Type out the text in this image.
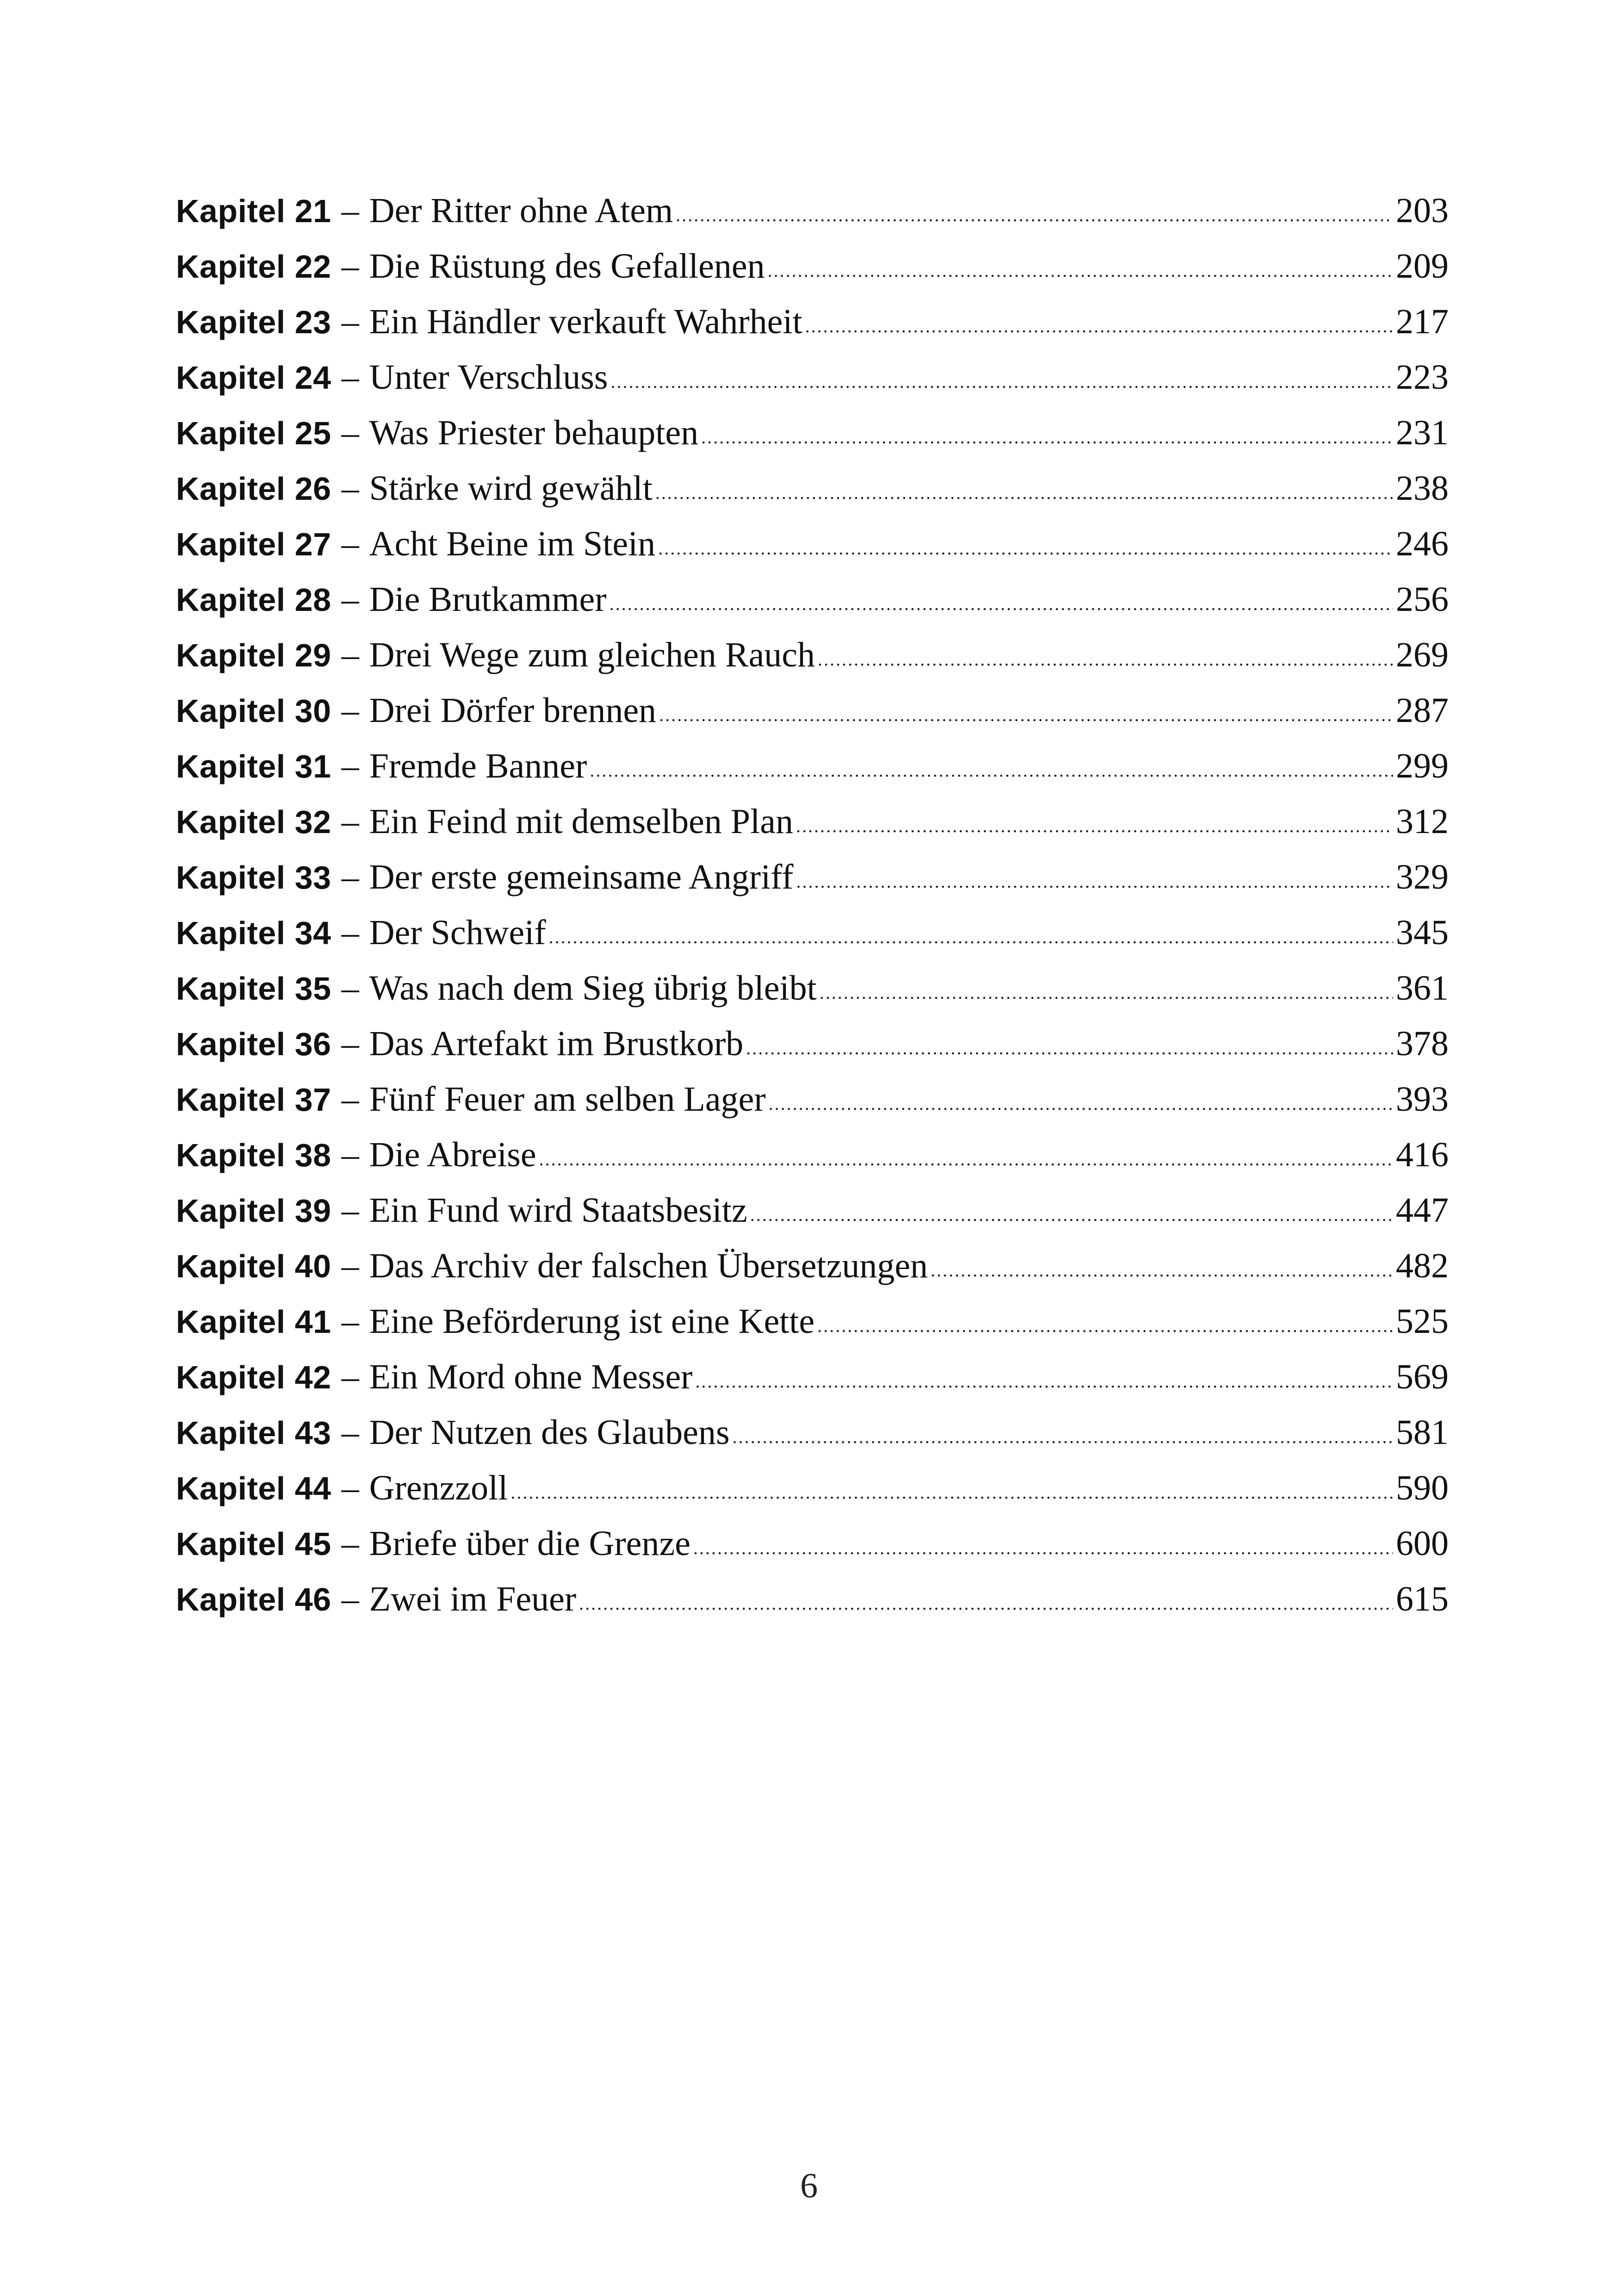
Kapitel 21 – Der Ritter ohne Atem .....	203
Kapitel 22 – Die Rüstung des Gefallenen .....	209
Kapitel 23 – Ein Händler verkauft Wahrheit .....	217
Kapitel 24 – Unter Verschluss .....	223
Kapitel 25 – Was Priester behaupten .....	231
Kapitel 26 – Stärke wird gewählt .....	238
Kapitel 27 – Acht Beine im Stein .....	246
Kapitel 28 – Die Brutkammer .....	256
Kapitel 29 – Drei Wege zum gleichen Rauch .....	269
Kapitel 30 – Drei Dörfer brennen .....	287
Kapitel 31 – Fremde Banner .....	299
Kapitel 32 – Ein Feind mit demselben Plan .....	312
Kapitel 33 – Der erste gemeinsame Angriff .....	329
Kapitel 34 – Der Schweif .....	345
Kapitel 35 – Was nach dem Sieg übrig bleibt .....	361
Kapitel 36 – Das Artefakt im Brustkorb .....	378
Kapitel 37 – Fünf Feuer am selben Lager .....	393
Kapitel 38 – Die Abreise .....	416
Kapitel 39 – Ein Fund wird Staatsbesitz .....	447
Kapitel 40 – Das Archiv der falschen Übersetzungen .....	482
Kapitel 41 – Eine Beförderung ist eine Kette .....	525
Kapitel 42 – Ein Mord ohne Messer .....	569
Kapitel 43 – Der Nutzen des Glaubens .....	581
Kapitel 44 – Grenzzoll .....	590
Kapitel 45 – Briefe über die Grenze .....	600
Kapitel 46 – Zwei im Feuer .....	615
6
